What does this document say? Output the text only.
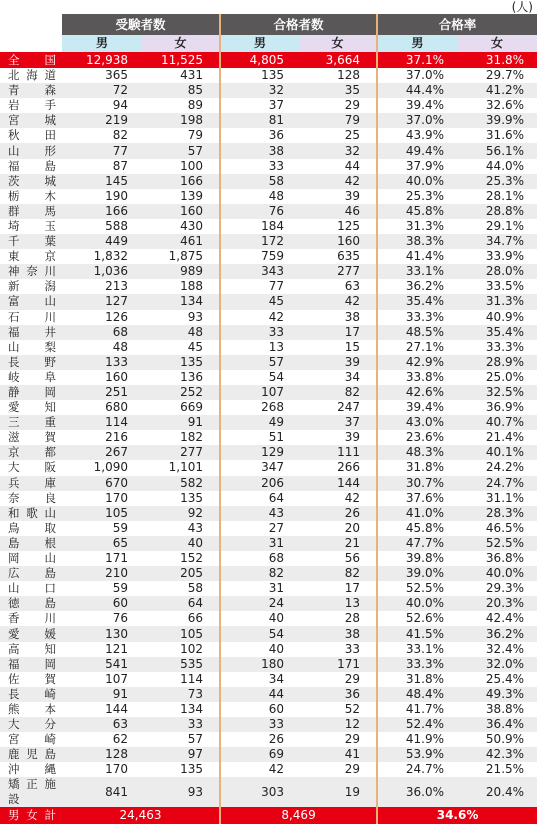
(人)
	受験者数		合格者数		合格率	
	男	女	男	女	男	女
全　国	12,938	11,525	4,805	3,664	37.1%	31.8%
北海道	365	431	135	128	37.0%	29.7%
青森	72	85	32	35	44.4%	41.2%
岩手	94	89	37	29	39.4%	32.6%
宮城	219	198	81	79	37.0%	39.9%
秋田	82	79	36	25	43.9%	31.6%
山形	77	57	38	32	49.4%	56.1%
福島	87	100	33	44	37.9%	44.0%
茨城	145	166	58	42	40.0%	25.3%
栃木	190	139	48	39	25.3%	28.1%
群馬	166	160	76	46	45.8%	28.8%
埼玉	588	430	184	125	31.3%	29.1%
千葉	449	461	172	160	38.3%	34.7%
東京	1,832	1,875	759	635	41.4%	33.9%
神奈川	1,036	989	343	277	33.1%	28.0%
新潟	213	188	77	63	36.2%	33.5%
富山	127	134	45	42	35.4%	31.3%
石川	126	93	42	38	33.3%	40.9%
福井	68	48	33	17	48.5%	35.4%
山梨	48	45	13	15	27.1%	33.3%
長野	133	135	57	39	42.9%	28.9%
岐阜	160	136	54	34	33.8%	25.0%
静岡	251	252	107	82	42.6%	32.5%
愛知	680	669	268	247	39.4%	36.9%
三重	114	91	49	37	43.0%	40.7%
滋賀	216	182	51	39	23.6%	21.4%
京都	267	277	129	111	48.3%	40.1%
大阪	1,090	1,101	347	266	31.8%	24.2%
兵庫	670	582	206	144	30.7%	24.7%
奈良	170	135	64	42	37.6%	31.1%
和歌山	105	92	43	26	41.0%	28.3%
鳥取	59	43	27	20	45.8%	46.5%
島根	65	40	31	21	47.7%	52.5%
岡山	171	152	68	56	39.8%	36.8%
広島	210	205	82	82	39.0%	40.0%
山口	59	58	31	17	52.5%	29.3%
徳島	60	64	24	13	40.0%	20.3%
香川	76	66	40	28	52.6%	42.4%
愛媛	130	105	54	38	41.5%	36.2%
高知	121	102	40	33	33.1%	32.4%
福岡	541	535	180	171	33.3%	32.0%
佐賀	107	114	34	29	31.8%	25.4%
長崎	91	73	44	36	48.4%	49.3%
熊本	144	134	60	52	41.7%	38.8%
大分	63	33	33	12	52.4%	36.4%
宮崎	62	57	26	29	41.9%	50.9%
鹿児島	128	97	69	41	53.9%	42.3%
沖縄	170	135	42	29	24.7%	21.5%
矯正施設	841	93	303	19	36.0%	20.4%
男女計	24,463		8,469		34.6%	
